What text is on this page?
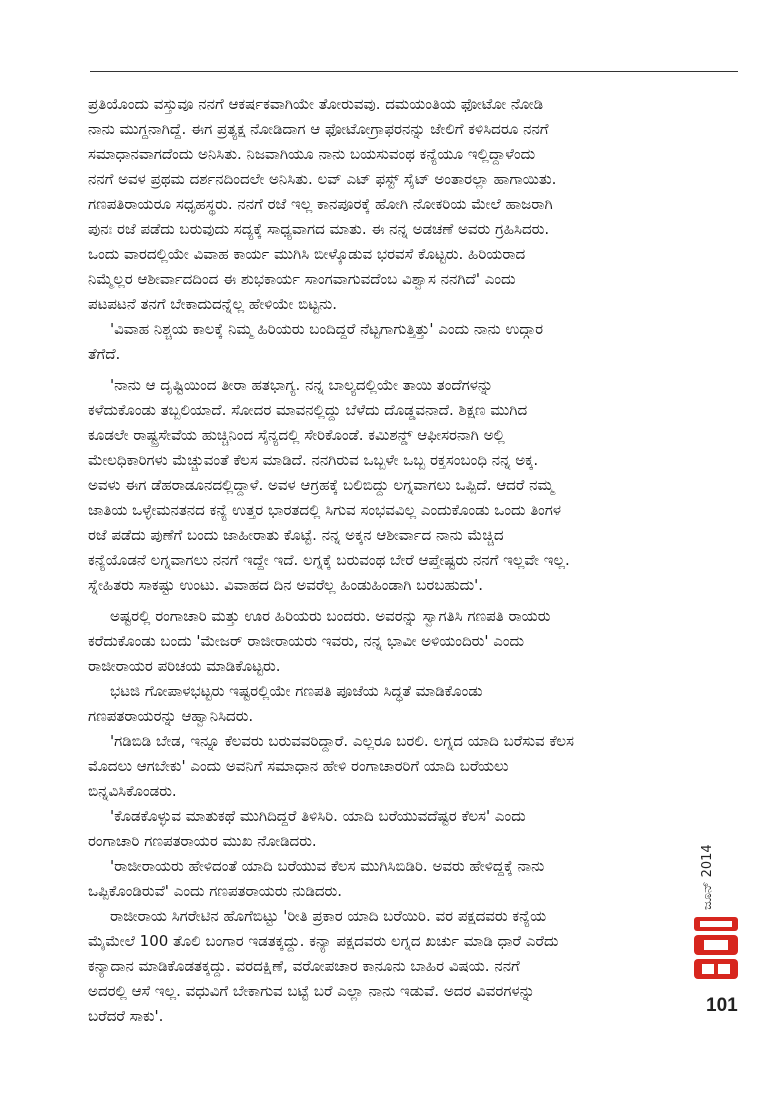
ಪ್ರತಿಯೊಂದು ವಸ್ತುವೂ ನನಗೆ ಆಕರ್ಷಕವಾಗಿಯೇ ತೋರುವವು. ದಮಯಂತಿಯ ಫೋಟೋ ನೋಡಿ
ನಾನು ಮುಗ್ದನಾಗಿದ್ದೆ. ಈಗ ಪ್ರತ್ಯಕ್ಷ ನೋಡಿದಾಗ ಆ ಫೋಟೋಗ್ರಾಫರನನ್ನು ಜೇಲಿಗೆ ಕಳಿಸಿದರೂ ನನಗೆ
ಸಮಾಧಾನವಾಗದೆಂದು ಅನಿಸಿತು. ನಿಜವಾಗಿಯೂ ನಾನು ಬಯಸುವಂಥ ಕನ್ಯೆಯೂ ಇಲ್ಲಿದ್ದಾಳೆಂದು
ನನಗೆ ಅವಳ ಪ್ರಥಮ ದರ್ಶನದಿಂದಲೇ ಅನಿಸಿತು. ಲವ್ ಎಟ್ ಫಸ್ಟ್ ಸೈಟ್ ಅಂತಾರಲ್ಲಾ ಹಾಗಾಯಿತು.
ಗಣಪತಿರಾಯರೂ ಸಧೃಹಸ್ಥರು. ನನಗೆ ರಜೆ ಇಲ್ಲ ಕಾನಪೂರಕ್ಕೆ ಹೋಗಿ ನೋಕರಿಯ ಮೇಲೆ ಹಾಜರಾಗಿ
ಪುನಃ ರಜೆ ಪಡೆದು ಬರುವುದು ಸದ್ಯಕ್ಕೆ ಸಾಧ್ಯವಾಗದ ಮಾತು. ಈ ನನ್ನ ಅಡಚಣೆ ಅವರು ಗ್ರಹಿಸಿದರು.
ಒಂದು ವಾರದಲ್ಲಿಯೇ ವಿವಾಹ ಕಾರ್ಯ ಮುಗಿಸಿ ಬೀಳ್ಕೊಡುವ ಭರವಸೆ ಕೊಟ್ಟರು. ಹಿರಿಯರಾದ
ನಿಮ್ಮೆಲ್ಲರ ಆಶೀರ್ವಾದದಿಂದ ಈ ಶುಭಕಾರ್ಯ ಸಾಂಗವಾಗುವದೆಂಬ ವಿಶ್ವಾಸ ನನಗಿದೆ' ಎಂದು
ಪಟಪಟನೆ ತನಗೆ ಬೇಕಾದುದನ್ನೆಲ್ಲ ಹೇಳಿಯೇ ಬಿಟ್ಟನು.
'ವಿವಾಹ ನಿಶ್ಚಯ ಕಾಲಕ್ಕೆ ನಿಮ್ಮ ಹಿರಿಯರು ಬಂದಿದ್ದರೆ ನೆಟ್ಟಗಾಗುತ್ತಿತ್ತು' ಎಂದು ನಾನು ಉದ್ಗಾರ
ತೆಗೆದೆ.
'ನಾನು ಆ ದೃಷ್ಟಿಯಿಂದ ತೀರಾ ಹತಭಾಗ್ಯ. ನನ್ನ ಬಾಲ್ಯದಲ್ಲಿಯೇ ತಾಯಿ ತಂದೆಗಳನ್ನು
ಕಳೆದುಕೊಂಡು ತಬ್ಬಲಿಯಾದೆ. ಸೋದರ ಮಾವನಲ್ಲಿದ್ದು ಬೆಳೆದು ದೊಡ್ಡವನಾದೆ. ಶಿಕ್ಷಣ ಮುಗಿದ
ಕೂಡಲೇ ರಾಷ್ಟ್ರಸೇವೆಯ ಹುಚ್ಚಿನಿಂದ ಸೈನ್ಯದಲ್ಲಿ ಸೇರಿಕೊಂಡೆ. ಕಮಿಶನ್ಡ್ ಆಫೀಸರನಾಗಿ ಅಲ್ಲಿ
ಮೇಲಧಿಕಾರಿಗಳು ಮೆಚ್ಚುವಂತೆ ಕೆಲಸ ಮಾಡಿದೆ. ನನಗಿರುವ ಒಬ್ಬಳೇ ಒಬ್ಬ ರಕ್ತಸಂಬಂಧಿ ನನ್ನ ಅಕ್ಕ.
ಅವಳು ಈಗ ಡೆಹರಾಡೂನದಲ್ಲಿದ್ದಾಳೆ. ಅವಳ ಆಗ್ರಹಕ್ಕೆ ಬಲಿಬಿದ್ದು ಲಗ್ನವಾಗಲು ಒಪ್ಪಿದೆ. ಆದರೆ ನಮ್ಮ
ಜಾತಿಯ ಒಳ್ಳೇಮನತನದ ಕನ್ಯೆ ಉತ್ತರ ಭಾರತದಲ್ಲಿ ಸಿಗುವ ಸಂಭವವಿಲ್ಲ ಎಂದುಕೊಂಡು ಒಂದು ತಿಂಗಳ
ರಜೆ ಪಡೆದು ಪುಣೆಗೆ ಬಂದು ಜಾಹೀರಾತು ಕೊಟ್ಟೆ. ನನ್ನ ಅಕ್ಕನ ಆಶೀರ್ವಾದ ನಾನು ಮೆಚ್ಚಿದ
ಕನ್ಯೆಯೊಡನೆ ಲಗ್ನವಾಗಲು ನನಗೆ ಇದ್ದೇ ಇದೆ. ಲಗ್ನಕ್ಕೆ ಬರುವಂಥ ಬೇರೆ ಆಪ್ತೇಷ್ಟರು ನನಗೆ ಇಲ್ಲವೇ ಇಲ್ಲ.
ಸ್ನೇಹಿತರು ಸಾಕಷ್ಟು ಉಂಟು. ವಿವಾಹದ ದಿನ ಅವರೆಲ್ಲ ಹಿಂಡುಹಿಂಡಾಗಿ ಬರಬಹುದು'.
ಅಷ್ಟರಲ್ಲಿ ರಂಗಾಚಾರಿ ಮತ್ತು ಊರ ಹಿರಿಯರು ಬಂದರು. ಅವರನ್ನು ಸ್ವಾಗತಿಸಿ ಗಣಪತಿ ರಾಯರು
ಕರೆದುಕೊಂಡು ಬಂದು 'ಮೇಜರ್ ರಾಜೀರಾಯರು ಇವರು, ನನ್ನ ಭಾವೀ ಅಳಿಯಂದಿರು' ಎಂದು
ರಾಜೀರಾಯರ ಪರಿಚಯ ಮಾಡಿಕೊಟ್ಟರು.
ಭಟಜಿ ಗೋಪಾಳಭಟ್ಟರು ಇಷ್ಟರಲ್ಲಿಯೇ ಗಣಪತಿ ಪೂಜೆಯ ಸಿದ್ಧತೆ ಮಾಡಿಕೊಂಡು
ಗಣಪತರಾಯರನ್ನು ಆಹ್ವಾನಿಸಿದರು.
'ಗಡಿಬಿಡಿ ಬೇಡ, ಇನ್ನೂ ಕೆಲವರು ಬರುವವರಿದ್ದಾರೆ. ಎಲ್ಲರೂ ಬರಲಿ. ಲಗ್ನದ ಯಾದಿ ಬರೆಸುವ ಕೆಲಸ
ಮೊದಲು ಆಗಬೇಕು' ಎಂದು ಅವನಿಗೆ ಸಮಾಧಾನ ಹೇಳಿ ರಂಗಾಚಾರರಿಗೆ ಯಾದಿ ಬರೆಯಲು
ಬಿನ್ನವಿಸಿಕೊಂಡರು.
'ಕೊಡಕೊಳ್ಳುವ ಮಾತುಕಥೆ ಮುಗಿದಿದ್ದರೆ ತಿಳಿಸಿರಿ. ಯಾದಿ ಬರೆಯುವದೆಷ್ಟರ ಕೆಲಸ' ಎಂದು
ರಂಗಾಚಾರಿ ಗಣಪತರಾಯರ ಮುಖ ನೋಡಿದರು.
'ರಾಜೀರಾಯರು ಹೇಳಿದಂತೆ ಯಾದಿ ಬರೆಯುವ ಕೆಲಸ ಮುಗಿಸಿಬಿಡಿರಿ. ಅವರು ಹೇಳಿದ್ದಕ್ಕೆ ನಾನು
ಒಪ್ಪಿಕೊಂಡಿರುವೆ' ಎಂದು ಗಣಪತರಾಯರು ನುಡಿದರು.
ರಾಜೀರಾಯ ಸಿಗರೇಟಿನ ಹೊಗೆಬಿಟ್ಟು 'ರೀತಿ ಪ್ರಕಾರ ಯಾದಿ ಬರೆಯಿರಿ. ವರ ಪಕ್ಷದವರು ಕನ್ಯೆಯ
ಮೈಮೇಲೆ 100 ತೊಲಿ ಬಂಗಾರ ಇಡತಕ್ಕದ್ದು. ಕನ್ಯಾ ಪಕ್ಷದವರು ಲಗ್ನದ ಖರ್ಚು ಮಾಡಿ ಧಾರೆ ಎರೆದು
ಕನ್ಯಾದಾನ ಮಾಡಿಕೊಡತಕ್ಕದ್ದು. ವರದಕ್ಷಿಣೆ, ವರೋಪಚಾರ ಕಾನೂನು ಬಾಹಿರ ವಿಷಯ. ನನಗೆ
ಅದರಲ್ಲಿ ಆಸೆ ಇಲ್ಲ. ವಧುವಿಗೆ ಬೇಕಾಗುವ ಬಟ್ಟೆ ಬರೆ ಎಲ್ಲಾ ನಾನು ಇಡುವೆ. ಅದರ ವಿವರಗಳನ್ನು
ಬರೆದರೆ ಸಾಕು'.
ಜೂನ್ 2014
101
